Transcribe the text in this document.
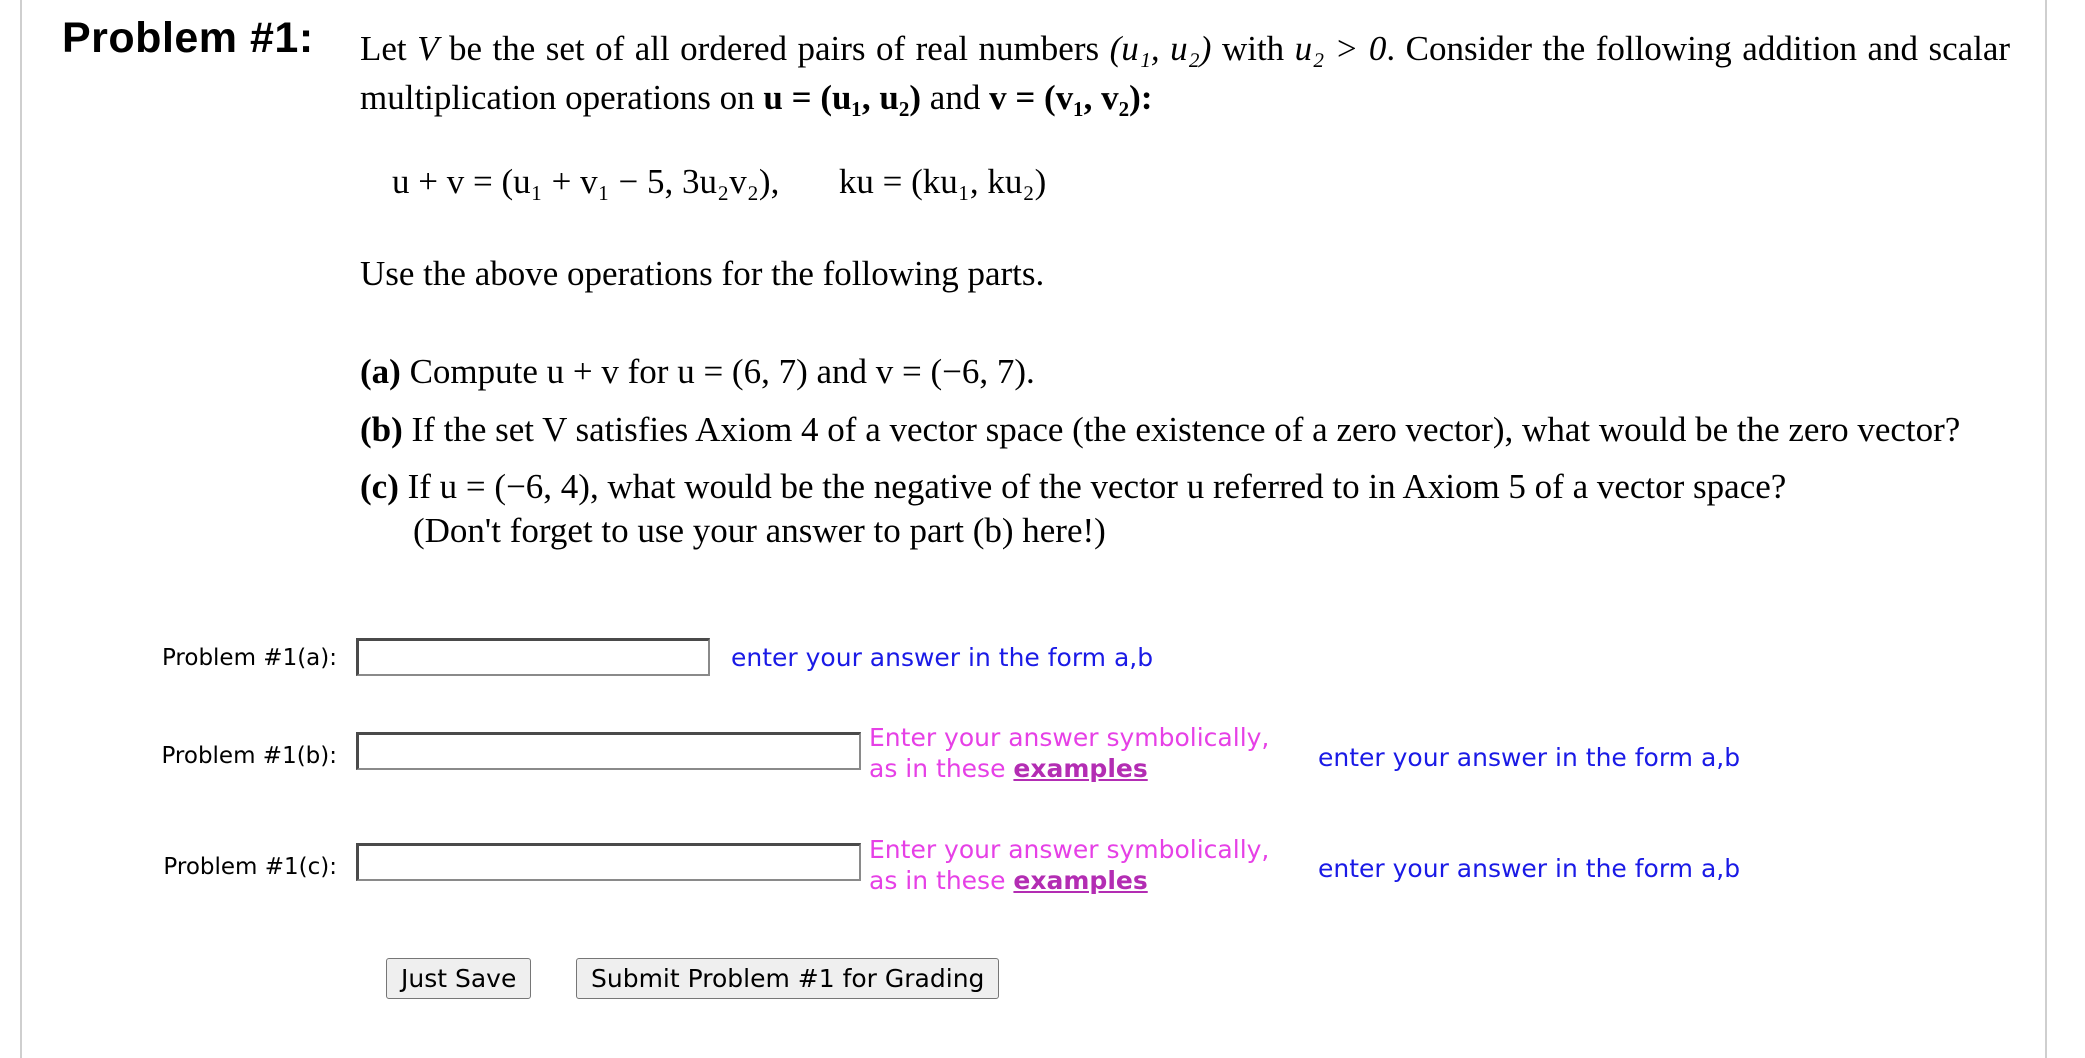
Problem #1: Let V be the set of all ordered pairs of real numbers (u₁, u₂) with u₂ > 0. Consider the following addition and scalar multiplication operations on u = (u₁, u₂) and v = (v₁, v₂):
u + v = (u₁ + v₁ − 5, 3u₂v₂), ku = (ku₁, ku₂)
Use the above operations for the following parts.
(a) Compute u + v for u = (6, 7) and v = (−6, 7).
(b) If the set V satisfies Axiom 4 of a vector space (the existence of a zero vector), what would be the zero vector?
(c) If u = (−6, 4), what would be the negative of the vector u referred to in Axiom 5 of a vector space?
(Don't forget to use your answer to part (b) here!)
Problem #1(a):	enter your answer in the form a,b
Problem #1(b):
Enter your answer symbolically,
as in these examples	enter your answer in the form a,b
Problem #1(c):
Enter your answer symbolically,
as in these examples	enter your answer in the form a,b
Just Save	Submit Problem #1 for Grading
